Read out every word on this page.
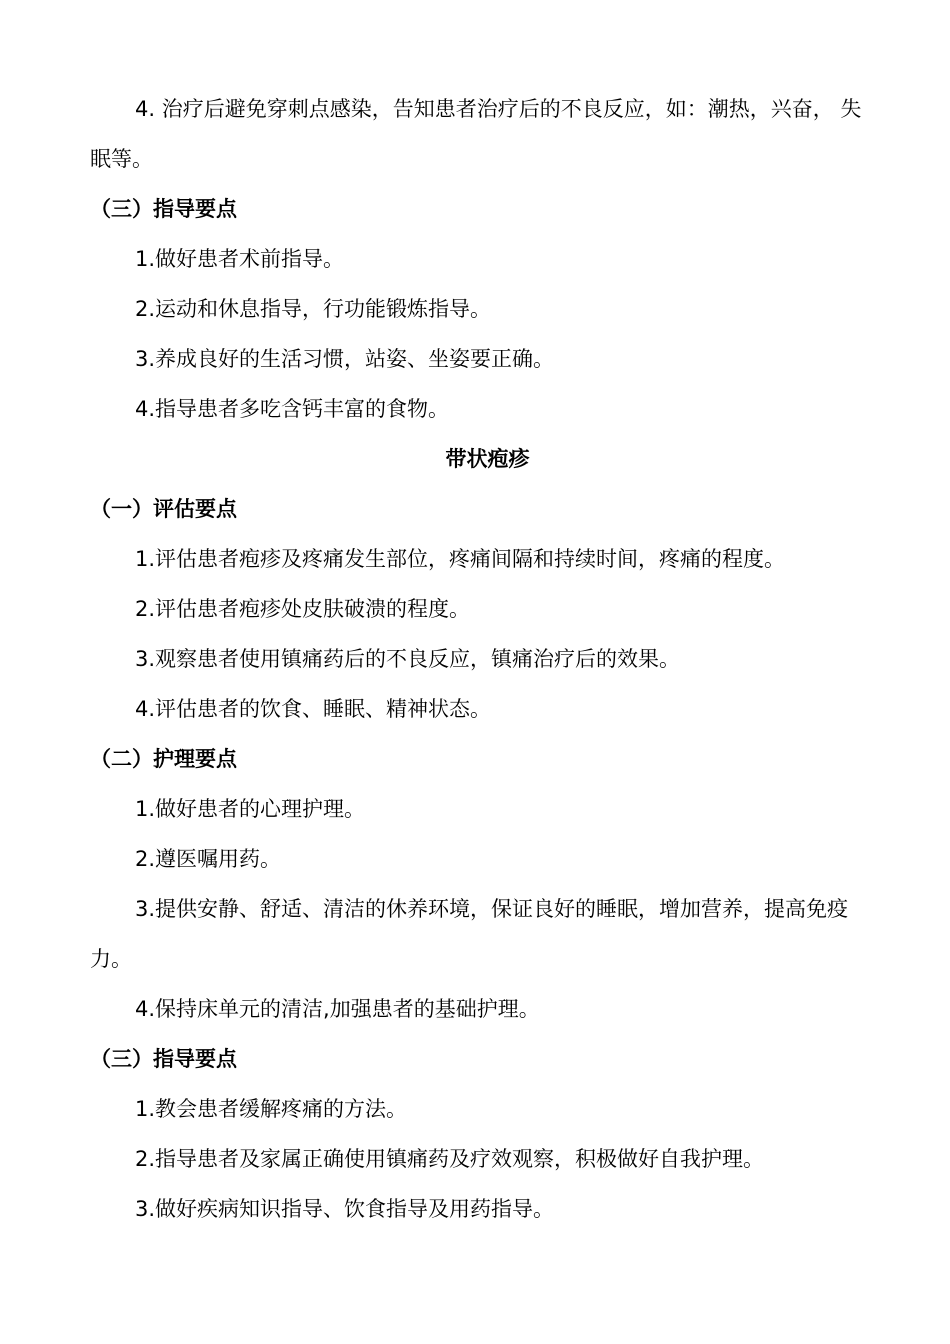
4. 治疗后避免穿刺点感染，告知患者治疗后的不良反应，如：潮热，兴奋， 失
眠等。
（三）指导要点
1.做好患者术前指导。
2.运动和休息指导，行功能锻炼指导。
3.养成良好的生活习惯，站姿、坐姿要正确。
4.指导患者多吃含钙丰富的食物。
带状疱疹
（一）评估要点
1.评估患者疱疹及疼痛发生部位，疼痛间隔和持续时间，疼痛的程度。
2.评估患者疱疹处皮肤破溃的程度。
3.观察患者使用镇痛药后的不良反应，镇痛治疗后的效果。
4.评估患者的饮食、睡眠、精神状态。
（二）护理要点
1.做好患者的心理护理。
2.遵医嘱用药。
3.提供安静、舒适、清洁的休养环境，保证良好的睡眠，增加营养，提高免疫
力。
4.保持床单元的清洁,加强患者的基础护理。
（三）指导要点
1.教会患者缓解疼痛的方法。
2.指导患者及家属正确使用镇痛药及疗效观察，积极做好自我护理。
3.做好疾病知识指导、饮食指导及用药指导。
